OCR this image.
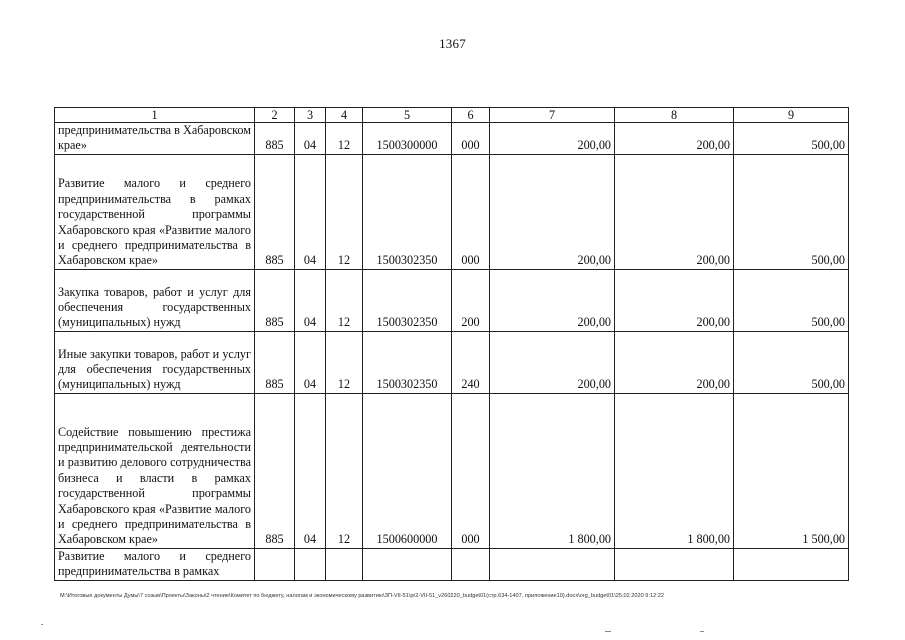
1367
1	2	3	4	5	6	7	8	9
предпринимательства в Хабаровском крае»	885	04	12	1500300000	000	200,00	200,00	500,00
Развитие малого и среднего предпринимательства в рамках государственной программы Хабаровского края «Развитие малого и среднего предпринимательства в Хабаровском крае»	885	04	12	1500302350	000	200,00	200,00	500,00
Закупка товаров, работ и услуг для обеспечения государственных (муниципальных) нужд	885	04	12	1500302350	200	200,00	200,00	500,00
Иные закупки товаров, работ и услуг для обеспечения государственных (муниципальных) нужд	885	04	12	1500302350	240	200,00	200,00	500,00
Содействие повышению престижа предпринимательской деятельности и развитию делового сотрудничества бизнеса и власти в рамках государственной программы Хабаровского края «Развитие малого и среднего предпринимательства в Хабаровском крае»	885	04	12	1500600000	000	1 800,00	1 800,00	1 500,00
Развитие малого и среднего предпринимательства в рамках								
M:\Итоговые документы Думы\7 созыв\Проекты\Законы\2 чтение\Комитет по бюджету, налогам и экономическому развитию\ЗП-VII-51\pr2-VII-51_v260220_budget01(стр.634-1407, приложение10).docx\org_budget01\25.02.2020 9:12:22
